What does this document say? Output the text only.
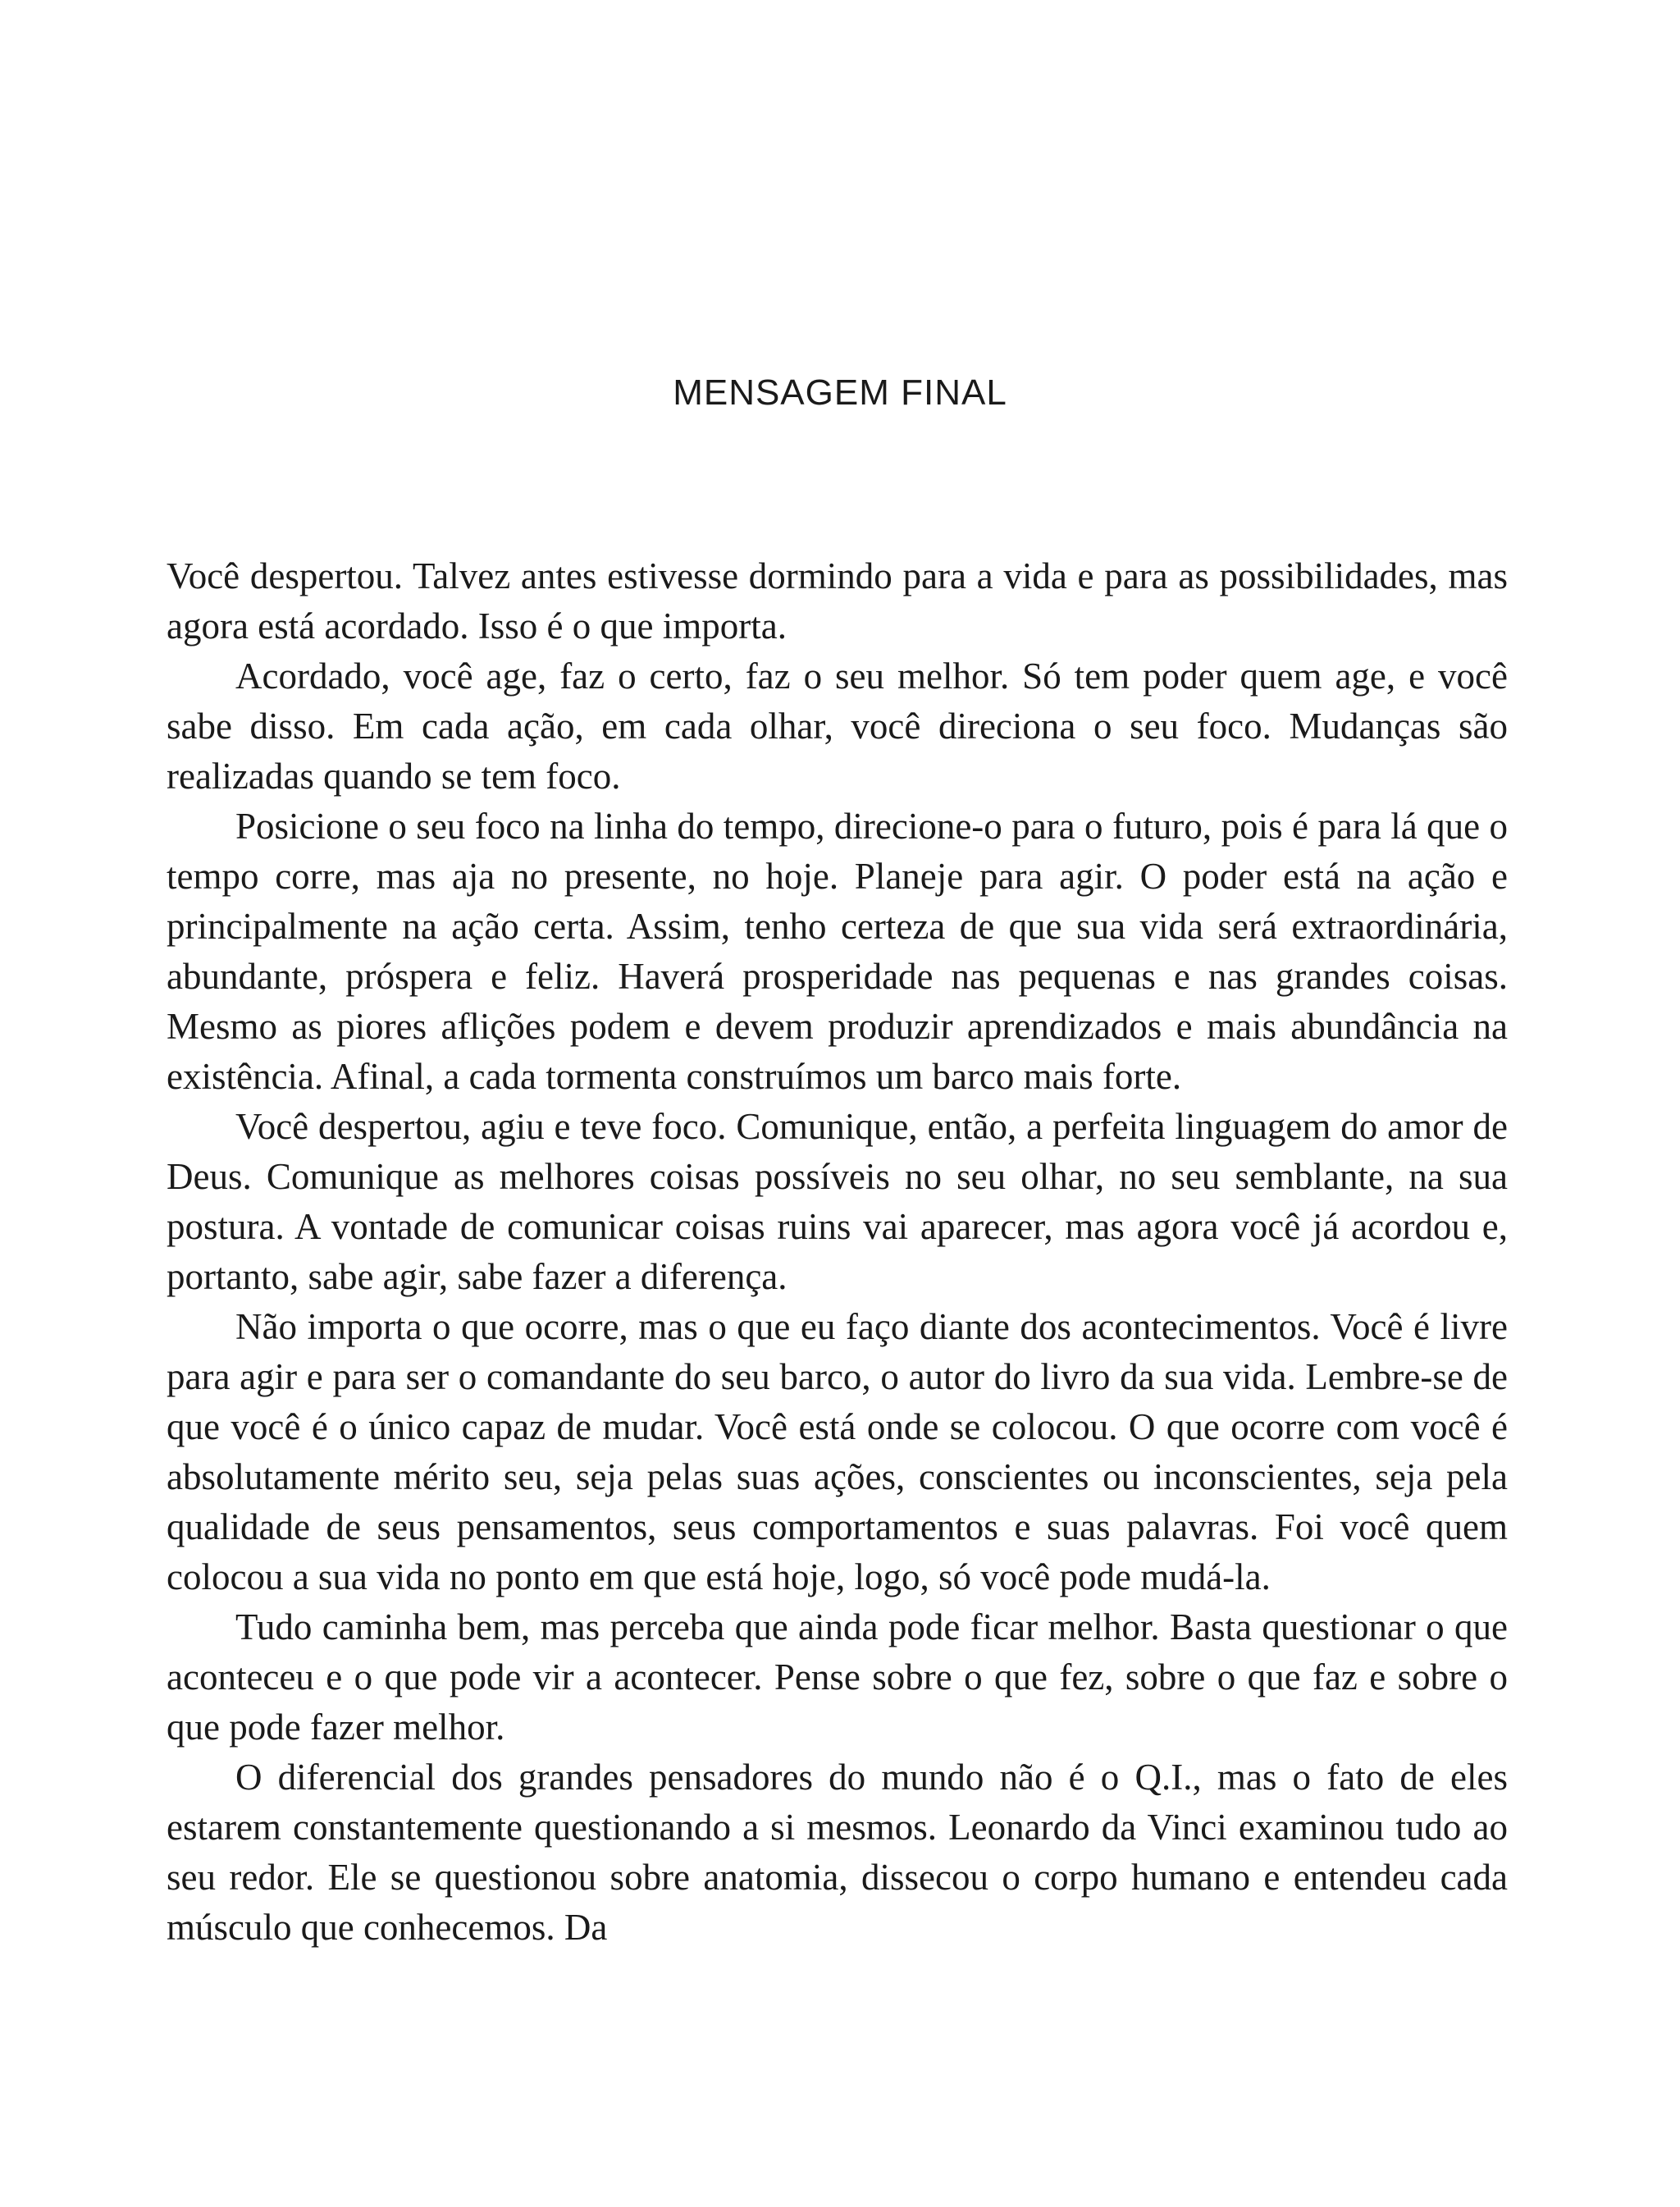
MENSAGEM FINAL

Você despertou. Talvez antes estivesse dormindo para a vida e para as possibilidades, mas agora está acordado. Isso é o que importa.

Acordado, você age, faz o certo, faz o seu melhor. Só tem poder quem age, e você sabe disso. Em cada ação, em cada olhar, você direciona o seu foco. Mudanças são realizadas quando se tem foco.

Posicione o seu foco na linha do tempo, direcione-o para o futuro, pois é para lá que o tempo corre, mas aja no presente, no hoje. Planeje para agir. O poder está na ação e principalmente na ação certa. Assim, tenho certeza de que sua vida será extraordinária, abundante, próspera e feliz. Haverá prosperidade nas pequenas e nas grandes coisas. Mesmo as piores aflições podem e devem produzir aprendizados e mais abundância na existência. Afinal, a cada tormenta construímos um barco mais forte.

Você despertou, agiu e teve foco. Comunique, então, a perfeita linguagem do amor de Deus. Comunique as melhores coisas possíveis no seu olhar, no seu semblante, na sua postura. A vontade de comunicar coisas ruins vai aparecer, mas agora você já acordou e, portanto, sabe agir, sabe fazer a diferença.

Não importa o que ocorre, mas o que eu faço diante dos acontecimentos. Você é livre para agir e para ser o comandante do seu barco, o autor do livro da sua vida. Lembre-se de que você é o único capaz de mudar. Você está onde se colocou. O que ocorre com você é absolutamente mérito seu, seja pelas suas ações, conscientes ou inconscientes, seja pela qualidade de seus pensamentos, seus comportamentos e suas palavras. Foi você quem colocou a sua vida no ponto em que está hoje, logo, só você pode mudá-la.

Tudo caminha bem, mas perceba que ainda pode ficar melhor. Basta questionar o que aconteceu e o que pode vir a acontecer. Pense sobre o que fez, sobre o que faz e sobre o que pode fazer melhor.

O diferencial dos grandes pensadores do mundo não é o Q.I., mas o fato de eles estarem constantemente questionando a si mesmos. Leonardo da Vinci examinou tudo ao seu redor. Ele se questionou sobre anatomia, dissecou o corpo humano e entendeu cada músculo que conhecemos. Da
